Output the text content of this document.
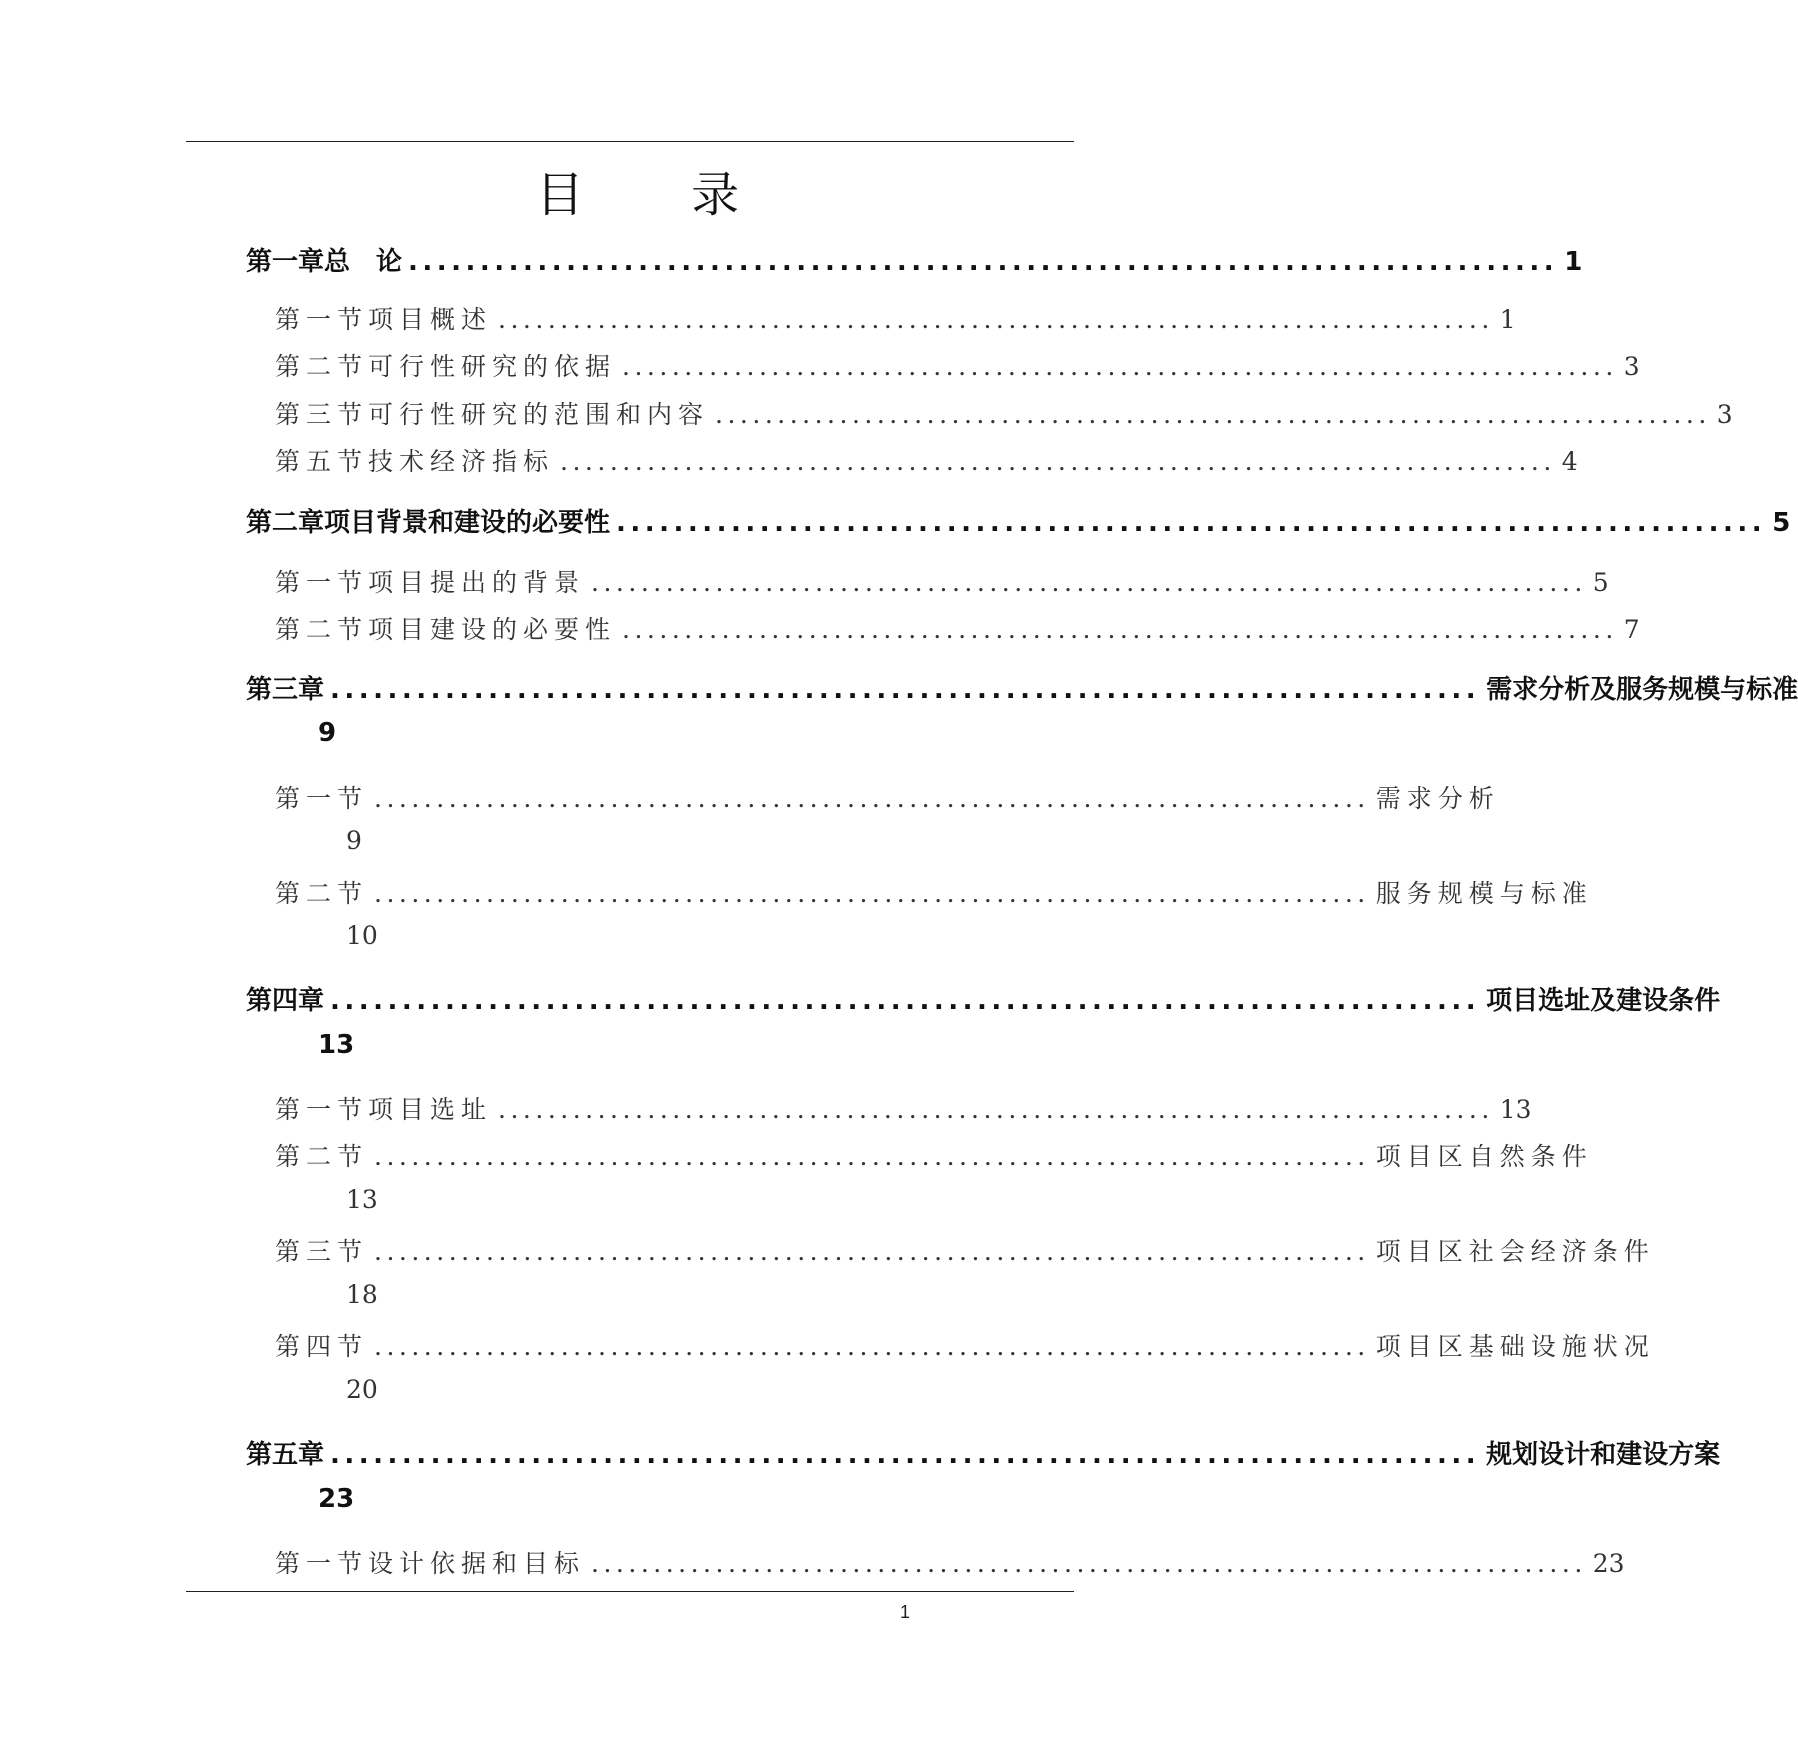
目 录
第一章 总　论 ................................................................................ 1
第一节 项目概述 ................................................................................ 1
第二节 可行性研究的依据 ................................................................................ 3
第三节 可行性研究的范围和内容 ................................................................................ 3
第五节 技术经济指标 ................................................................................ 4
第二章 项目背景和建设的必要性 ................................................................................ 5
第一节 项目提出的背景 ................................................................................ 5
第二节 项目建设的必要性 ................................................................................ 7
第三章 ................................................................................ 需求分析及服务规模与标准
9
第一节 ................................................................................ 需求分析
9
第二节 ................................................................................ 服务规模与标准
10
第四章 ................................................................................ 项目选址及建设条件
13
第一节 项目选址 ................................................................................ 13
第二节 ................................................................................ 项目区自然条件
13
第三节 ................................................................................ 项目区社会经济条件
18
第四节 ................................................................................ 项目区基础设施状况
20
第五章 ................................................................................ 规划设计和建设方案
23
第一节 设计依据和目标 ................................................................................ 23
1
